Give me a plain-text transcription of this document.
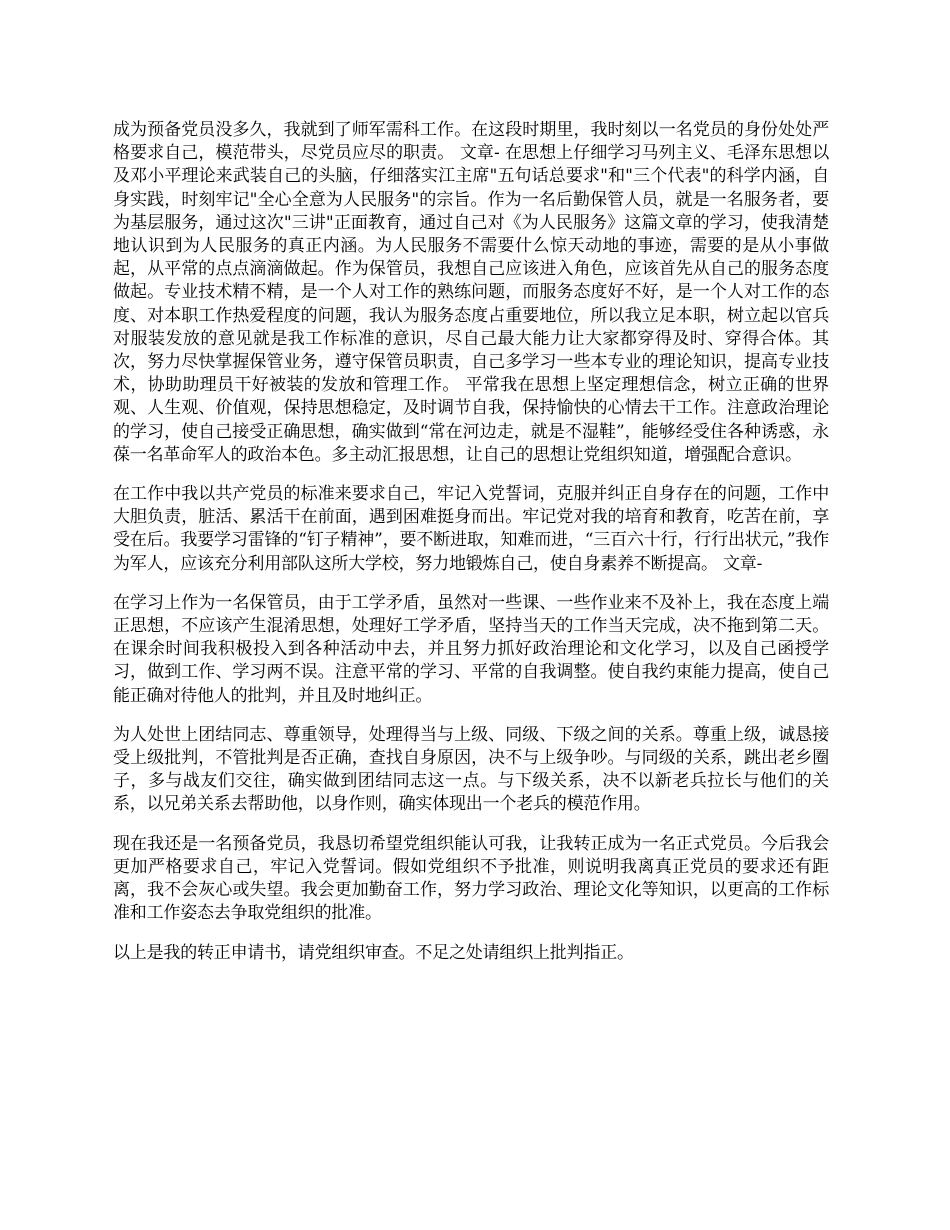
成为预备党员没多久，我就到了师军需科工作。在这段时期里，我时刻以一名党员的身份处处严格要求自己，模范带头，尽党员应尽的职责。 文章- 在思想上仔细学习马列主义、毛泽东思想以及邓小平理论来武装自己的头脑，仔细落实江主席"五句话总要求"和"三个代表"的科学内涵，自身实践，时刻牢记"全心全意为人民服务"的宗旨。作为一名后勤保管人员，就是一名服务者，要为基层服务，通过这次"三讲"正面教育，通过自己对《为人民服务》这篇文章的学习，使我清楚地认识到为人民服务的真正内涵。为人民服务不需要什么惊天动地的事迹，需要的是从小事做起，从平常的点点滴滴做起。作为保管员，我想自己应该进入角色，应该首先从自己的服务态度做起。专业技术精不精，是一个人对工作的熟练问题，而服务态度好不好，是一个人对工作的态度、对本职工作热爱程度的问题，我认为服务态度占重要地位，所以我立足本职，树立起以官兵对服装发放的意见就是我工作标准的意识，尽自己最大能力让大家都穿得及时、穿得合体。其次，努力尽快掌握保管业务，遵守保管员职责，自己多学习一些本专业的理论知识，提高专业技术，协助助理员干好被装的发放和管理工作。 平常我在思想上坚定理想信念，树立正确的世界观、人生观、价值观，保持思想稳定，及时调节自我，保持愉快的心情去干工作。注意政治理论的学习，使自己接受正确思想，确实做到“常在河边走，就是不湿鞋”，能够经受住各种诱惑，永葆一名革命军人的政治本色。多主动汇报思想，让自己的思想让党组织知道，增强配合意识。

在工作中我以共产党员的标准来要求自己，牢记入党誓词，克服并纠正自身存在的问题，工作中大胆负责，脏活、累活干在前面，遇到困难挺身而出。牢记党对我的培育和教育，吃苦在前，享受在后。我要学习雷锋的“钉子精神”，要不断进取，知难而进，“三百六十行，行行出状元，”我作为军人，应该充分利用部队这所大学校，努力地锻炼自己，使自身素养不断提高。 文章-

在学习上作为一名保管员，由于工学矛盾，虽然对一些课、一些作业来不及补上，我在态度上端正思想，不应该产生混淆思想，处理好工学矛盾，坚持当天的工作当天完成，决不拖到第二天。在课余时间我积极投入到各种活动中去，并且努力抓好政治理论和文化学习，以及自己函授学习，做到工作、学习两不误。注意平常的学习、平常的自我调整。使自我约束能力提高，使自己能正确对待他人的批判，并且及时地纠正。

为人处世上团结同志、尊重领导，处理得当与上级、同级、下级之间的关系。尊重上级，诚恳接受上级批判，不管批判是否正确，查找自身原因，决不与上级争吵。与同级的关系，跳出老乡圈子，多与战友们交往，确实做到团结同志这一点。与下级关系，决不以新老兵拉长与他们的关系，以兄弟关系去帮助他，以身作则，确实体现出一个老兵的模范作用。

现在我还是一名预备党员，我恳切希望党组织能认可我，让我转正成为一名正式党员。今后我会更加严格要求自己，牢记入党誓词。假如党组织不予批准，则说明我离真正党员的要求还有距离，我不会灰心或失望。我会更加勤奋工作，努力学习政治、理论文化等知识，以更高的工作标准和工作姿态去争取党组织的批准。

以上是我的转正申请书，请党组织审查。不足之处请组织上批判指正。
